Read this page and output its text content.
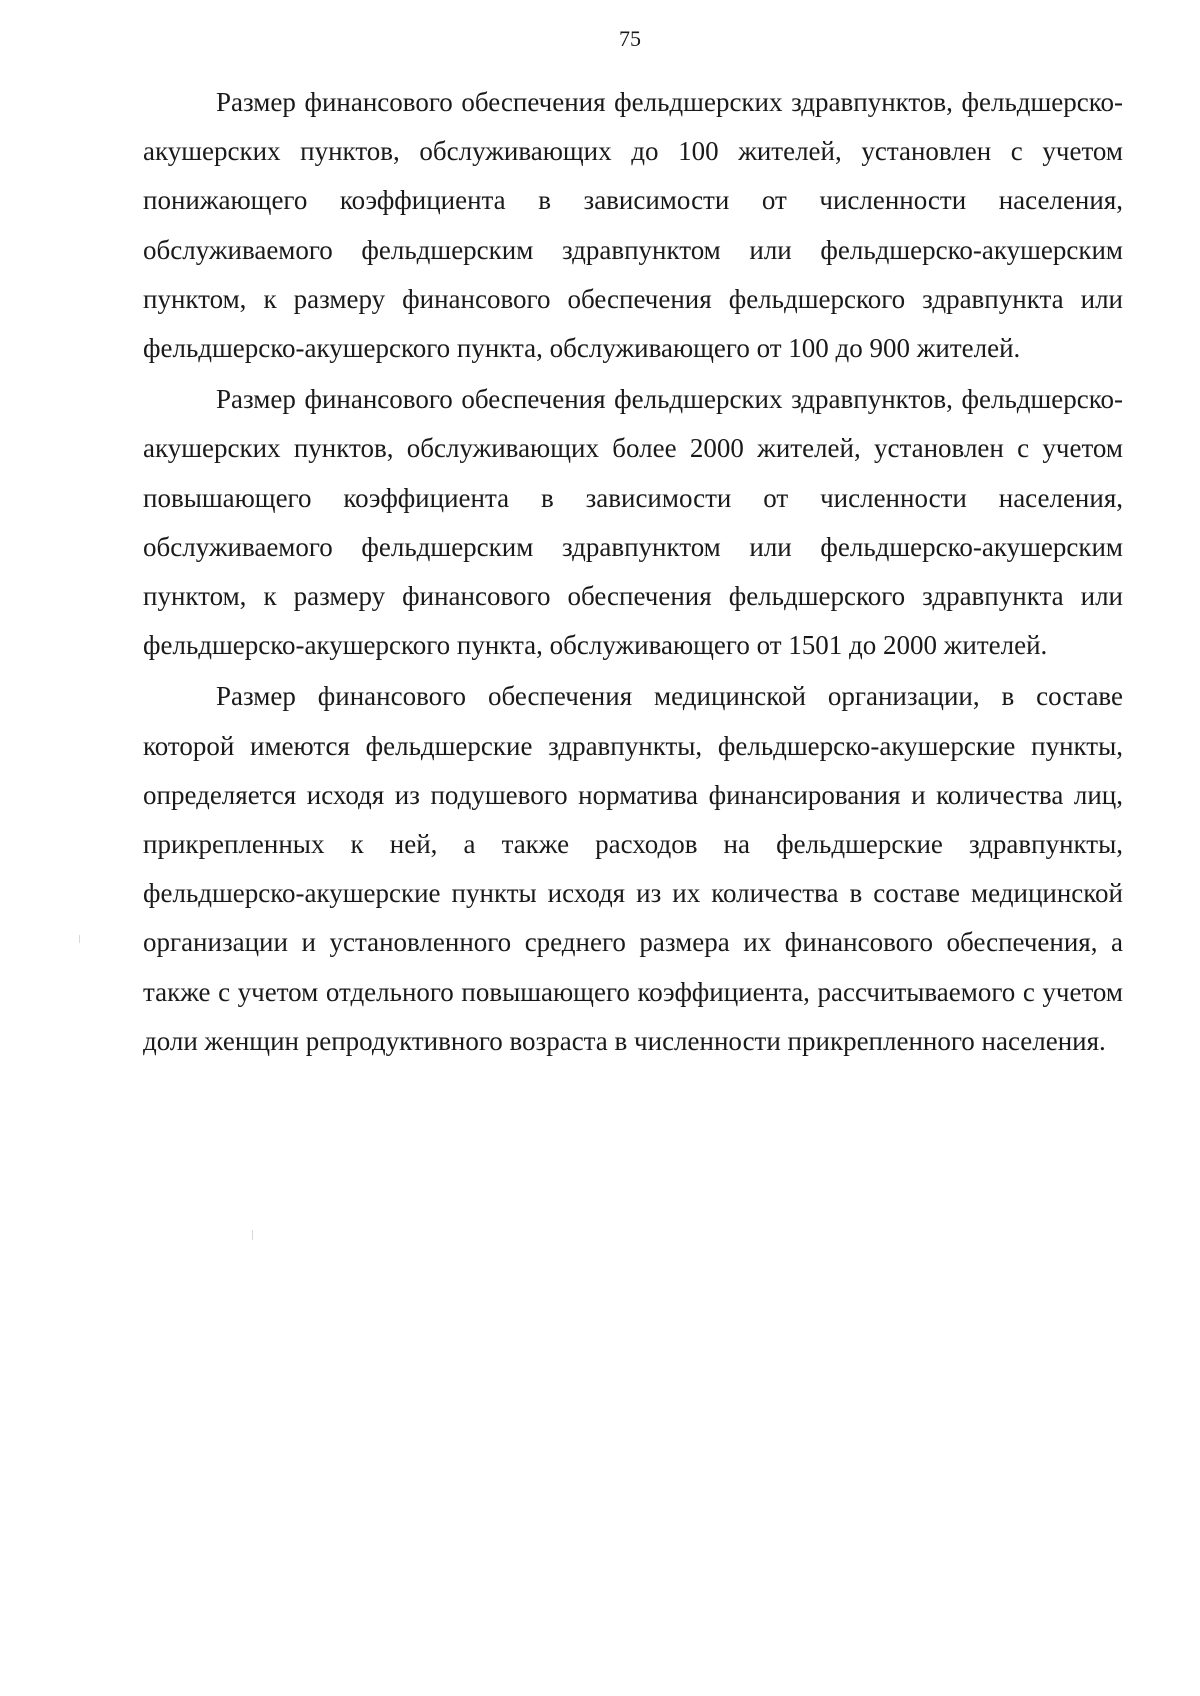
75

Размер финансового обеспечения фельдшерских здравпунктов, фельдшерско-акушерских пунктов, обслуживающих до 100 жителей, установлен с учетом понижающего коэффициента в зависимости от численности населения, обслуживаемого фельдшерским здравпунктом или фельдшерско-акушерским пунктом, к размеру финансового обеспечения фельдшерского здравпункта или фельдшерско-акушерского пункта, обслуживающего от 100 до 900 жителей.

Размер финансового обеспечения фельдшерских здравпунктов, фельдшерско-акушерских пунктов, обслуживающих более 2000 жителей, установлен с учетом повышающего коэффициента в зависимости от численности населения, обслуживаемого фельдшерским здравпунктом или фельдшерско-акушерским пунктом, к размеру финансового обеспечения фельдшерского здравпункта или фельдшерско-акушерского пункта, обслуживающего от 1501 до 2000 жителей.

Размер финансового обеспечения медицинской организации, в составе которой имеются фельдшерские здравпункты, фельдшерско-акушерские пункты, определяется исходя из подушевого норматива финансирования и количества лиц, прикрепленных к ней, а также расходов на фельдшерские здравпункты, фельдшерско-акушерские пункты исходя из их количества в составе медицинской организации и установленного среднего размера их финансового обеспечения, а также с учетом отдельного повышающего коэффициента, рассчитываемого с учетом доли женщин репродуктивного возраста в численности прикрепленного населения.
